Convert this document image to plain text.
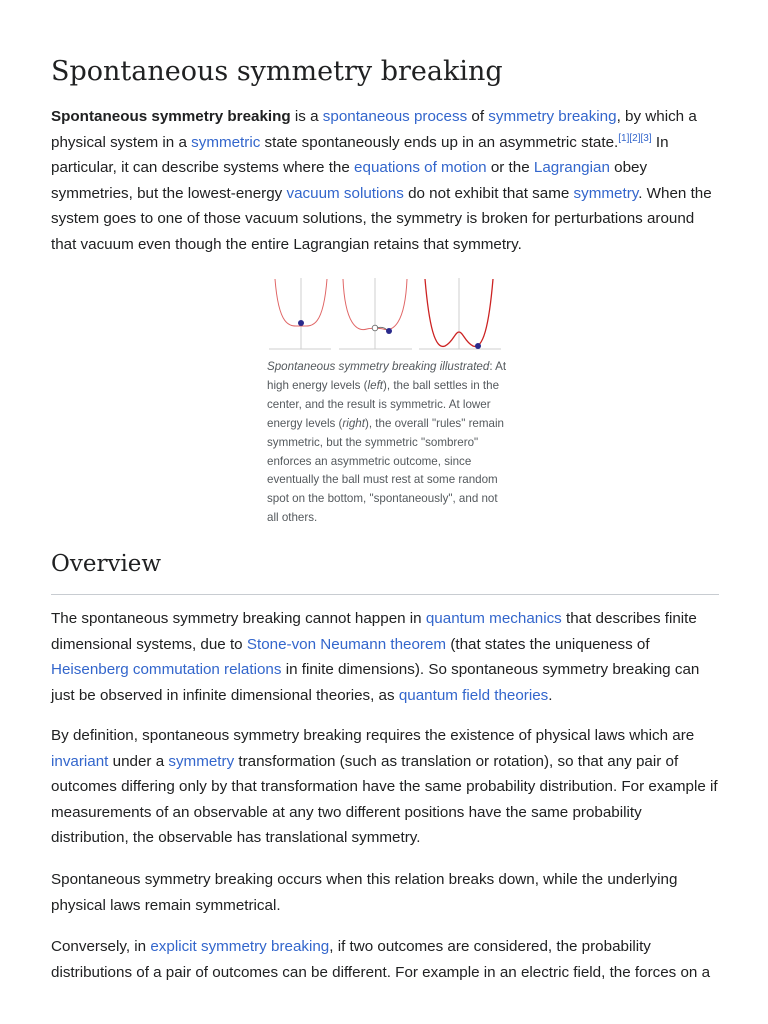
Spontaneous symmetry breaking

Spontaneous symmetry breaking is a spontaneous process of symmetry breaking, by which a physical system in a symmetric state spontaneously ends up in an asymmetric state.[1][2][3] In particular, it can describe systems where the equations of motion or the Lagrangian obey symmetries, but the lowest-energy vacuum solutions do not exhibit that same symmetry. When the system goes to one of those vacuum solutions, the symmetry is broken for perturbations around that vacuum even though the entire Lagrangian retains that symmetry.

Spontaneous symmetry breaking illustrated: At high energy levels (left), the ball settles in the center, and the result is symmetric. At lower energy levels (right), the overall "rules" remain symmetric, but the symmetric "sombrero" enforces an asymmetric outcome, since eventually the ball must rest at some random spot on the bottom, "spontaneously", and not all others.
Overview

The spontaneous symmetry breaking cannot happen in quantum mechanics that describes finite dimensional systems, due to Stone-von Neumann theorem (that states the uniqueness of Heisenberg commutation relations in finite dimensions). So spontaneous symmetry breaking can just be observed in infinite dimensional theories, as quantum field theories.

By definition, spontaneous symmetry breaking requires the existence of physical laws which are invariant under a symmetry transformation (such as translation or rotation), so that any pair of outcomes differing only by that transformation have the same probability distribution. For example if measurements of an observable at any two different positions have the same probability distribution, the observable has translational symmetry.

Spontaneous symmetry breaking occurs when this relation breaks down, while the underlying physical laws remain symmetrical.

Conversely, in explicit symmetry breaking, if two outcomes are considered, the probability distributions of a pair of outcomes can be different. For example in an electric field, the forces on a
